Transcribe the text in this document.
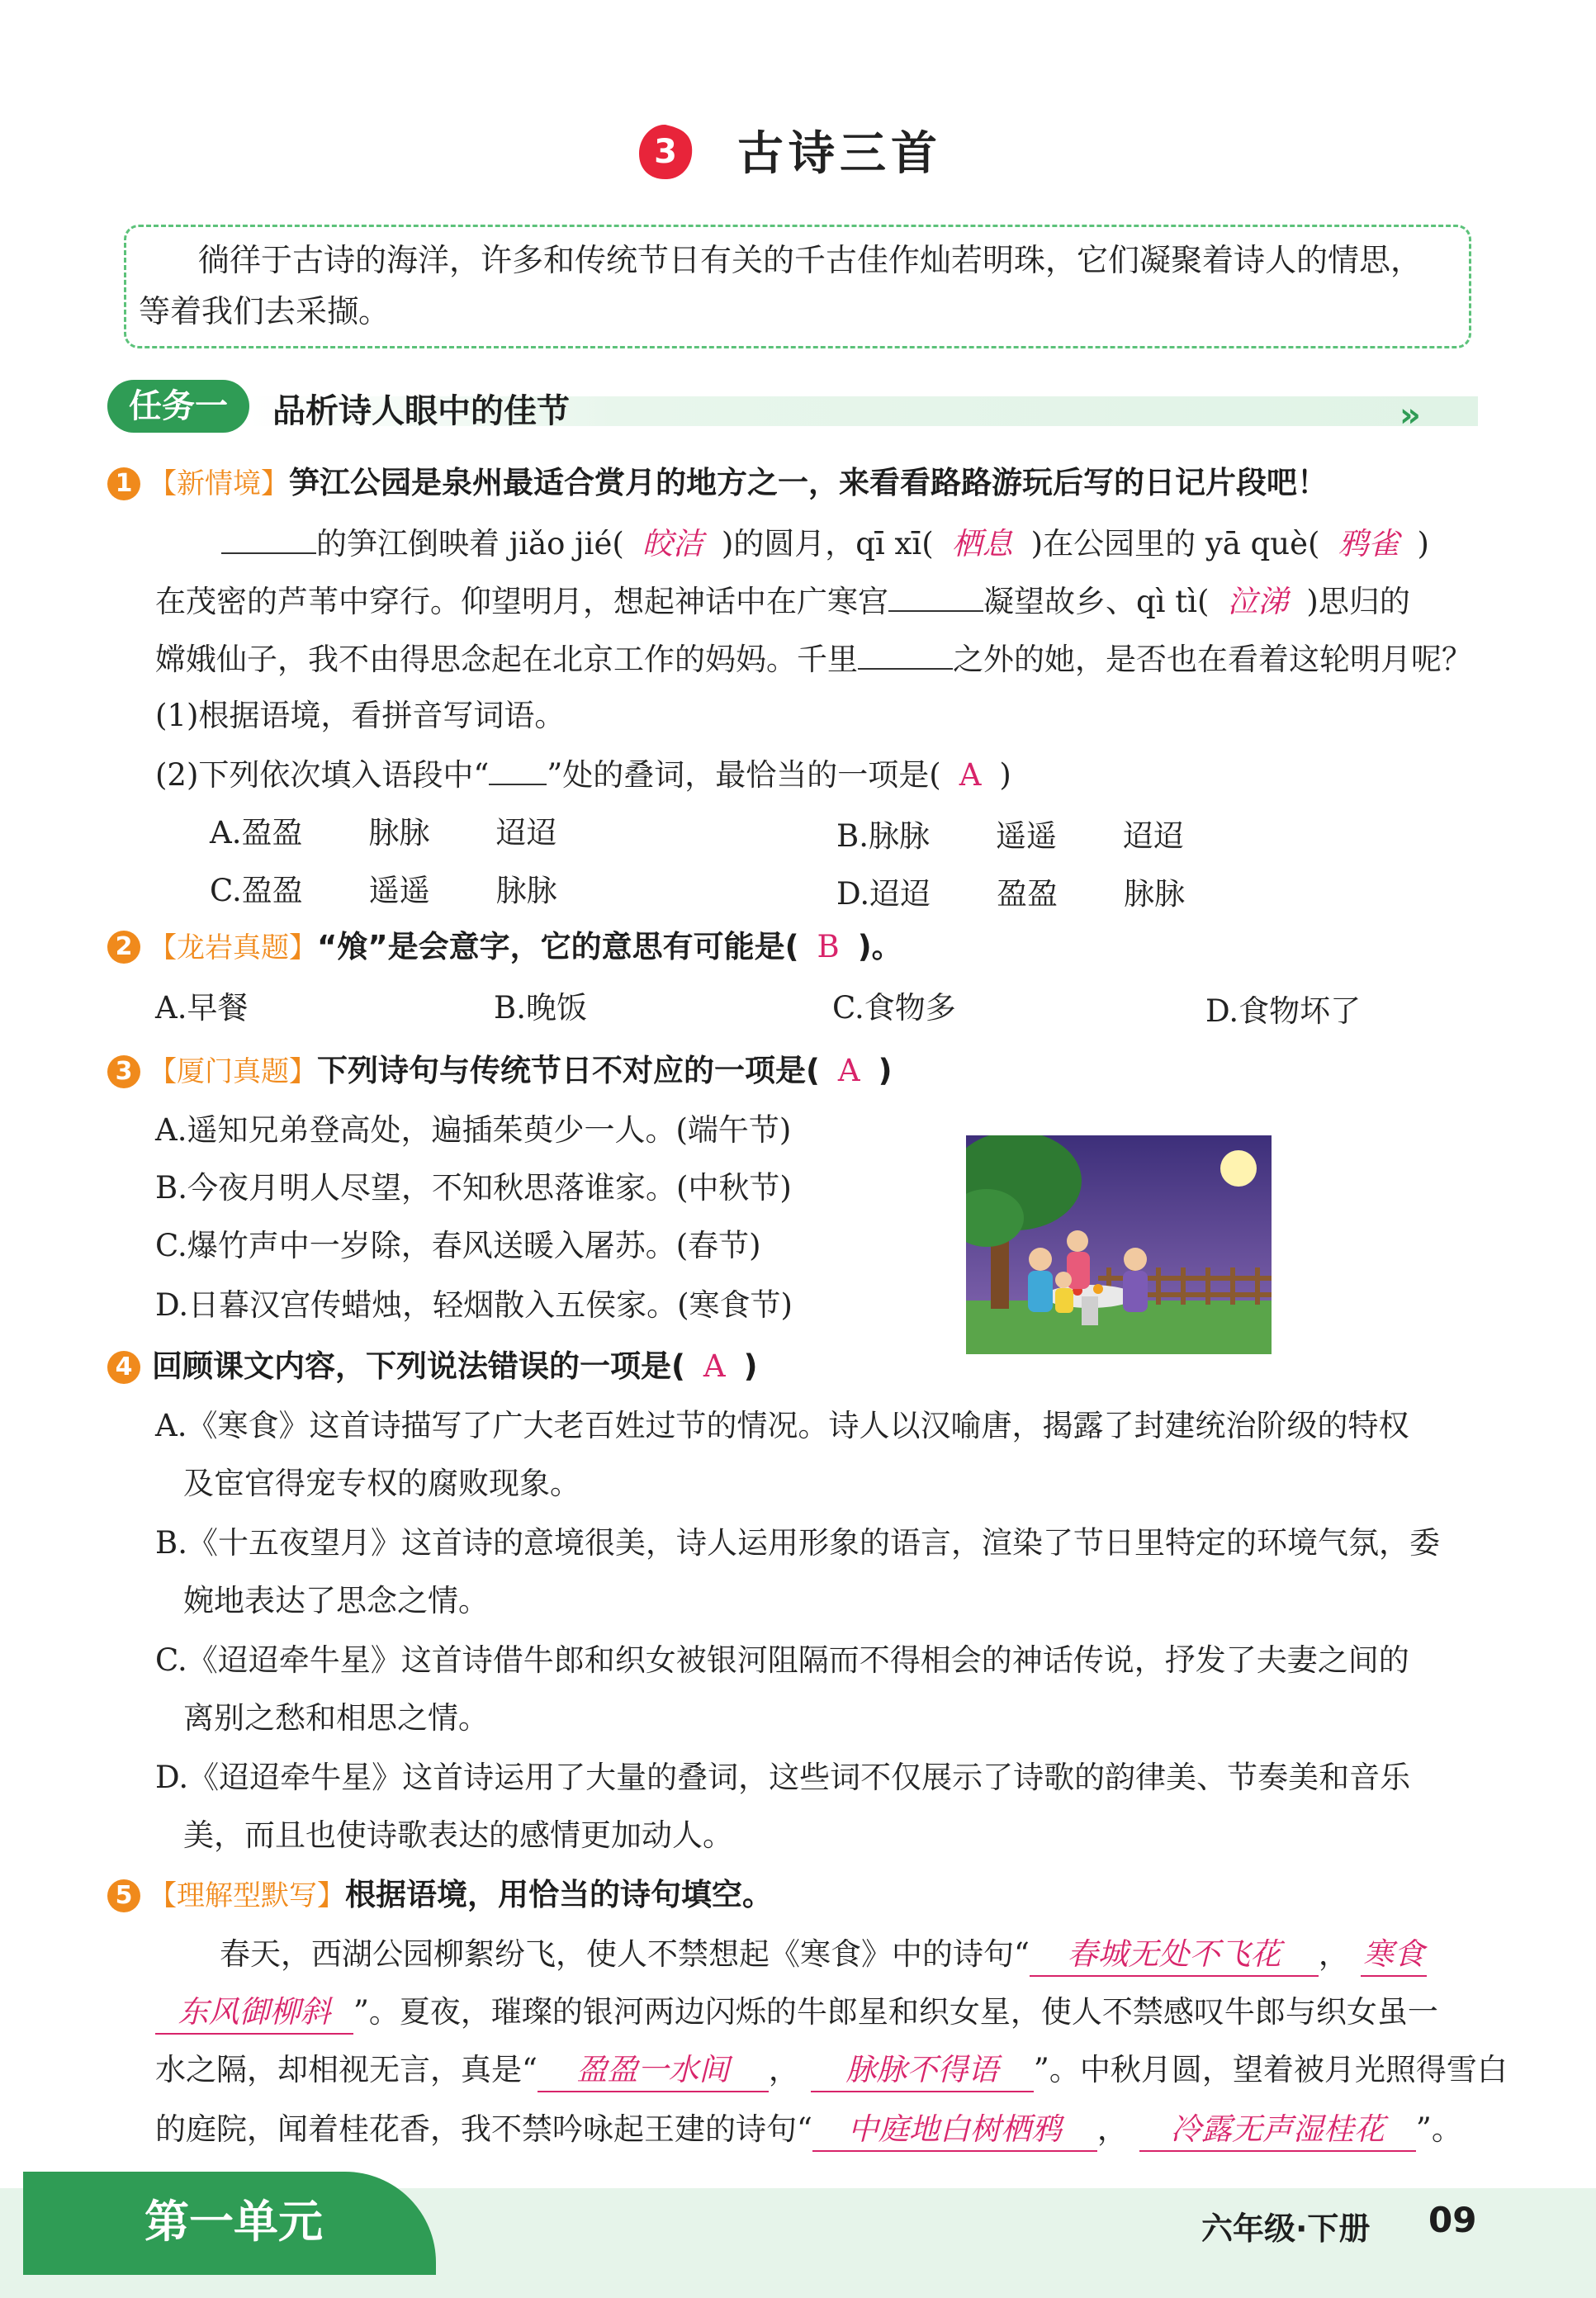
3 古诗三首
徜徉于古诗的海洋，许多和传统节日有关的千古佳作灿若明珠，它们凝聚着诗人的情思，
等着我们去采撷。
任务一	品析诗人眼中的佳节	»
1 【新情境】笋江公园是泉州最适合赏月的地方之一，来看看路路游玩后写的日记片段吧！
的笋江倒映着 jiǎo jié( 皎洁 )的圆月，qī xī( 栖息 )在公园里的 yā què( 鸦雀 )
在茂密的芦苇中穿行。仰望明月，想起神话中在广寒宫	凝望故乡、qì tì( 泣涕 )思归的
嫦娥仙子，我不由得思念起在北京工作的妈妈。千里	之外的她，是否也在看着这轮明月呢？
(1)根据语境，看拼音写词语。
(2)下列依次填入语段中“ ”处的叠词，最恰当的一项是( A )
A.盈盈 脉脉 迢迢	B.脉脉 遥遥 迢迢
C.盈盈 遥遥 脉脉	D.迢迢 盈盈 脉脉
2 【龙岩真题】“飧”是会意字，它的意思有可能是( B )。
A.早餐	B.晚饭	C.食物多	D.食物坏了
3 【厦门真题】下列诗句与传统节日不对应的一项是( A )
A.遥知兄弟登高处，遍插茱萸少一人。(端午节)
B.今夜月明人尽望，不知秋思落谁家。(中秋节)
C.爆竹声中一岁除，春风送暖入屠苏。(春节)
D.日暮汉宫传蜡烛，轻烟散入五侯家。(寒食节)
4 回顾课文内容，下列说法错误的一项是( A )
A.《寒食》这首诗描写了广大老百姓过节的情况。诗人以汉喻唐，揭露了封建统治阶级的特权
及宦官得宠专权的腐败现象。
B.《十五夜望月》这首诗的意境很美，诗人运用形象的语言，渲染了节日里特定的环境气氛，委
婉地表达了思念之情。
C.《迢迢牵牛星》这首诗借牛郎和织女被银河阻隔而不得相会的神话传说，抒发了夫妻之间的
离别之愁和相思之情。
D.《迢迢牵牛星》这首诗运用了大量的叠词，这些词不仅展示了诗歌的韵律美、节奏美和音乐
美，而且也使诗歌表达的感情更加动人。
5 【理解型默写】根据语境，用恰当的诗句填空。
春天，西湖公园柳絮纷飞，使人不禁想起《寒食》中的诗句“ 春城无处不飞花 ， 寒食
东风御柳斜 ”。夏夜，璀璨的银河两边闪烁的牛郎星和织女星，使人不禁感叹牛郎与织女虽一
水之隔，却相视无言，真是“ 盈盈一水间 ， 脉脉不得语 ”。中秋月圆，望着被月光照得雪白
的庭院，闻着桂花香，我不禁吟咏起王建的诗句“ 中庭地白树栖鸦 ， 冷露无声湿桂花 ”。
第一单元	六年级·下册 09
